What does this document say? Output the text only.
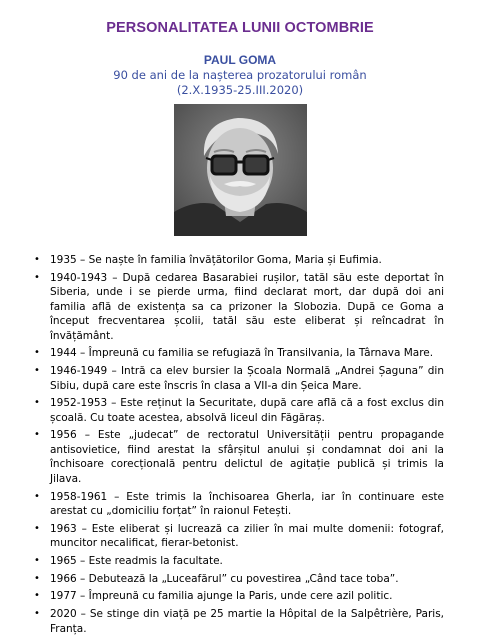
PERSONALITATEA LUNII OCTOMBRIE
PAUL GOMA
90 de ani de la nașterea prozatorului român
(2.X.1935-25.III.2020)
• 1935 – Se naște în familia învățătorilor Goma, Maria și Eufimia.
• 1940-1943 – După cedarea Basarabiei rușilor, tatăl său este deportat în Siberia, unde i se pierde urma, fiind declarat mort, dar după doi ani familia află de existența sa ca prizoner la Slobozia. După ce Goma a început frecventarea școlii, tatăl său este eliberat și reîncadrat în învățământ.
• 1944 – Împreună cu familia se refugiază în Transilvania, la Târnava Mare.
• 1946-1949 – Intră ca elev bursier la Școala Normală „Andrei Șaguna” din Sibiu, după care este înscris în clasa a VII-a din Șeica Mare.
• 1952-1953 – Este reținut la Securitate, după care află că a fost exclus din școală. Cu toate acestea, absolvă liceul din Făgăraș.
• 1956 – Este „judecat” de rectoratul Universității pentru propagande antisovietice, fiind arestat la sfârșitul anului și condamnat doi ani la închisoare corecțională pentru delictul de agitație publică și trimis la Jilava.
• 1958-1961 – Este trimis la închisoarea Gherla, iar în continuare este arestat cu „domiciliu forțat” în raionul Fetești.
• 1963 – Este eliberat și lucrează ca zilier în mai multe domenii: fotograf, muncitor necalificat, fierar-betonist.
• 1965 – Este readmis la facultate.
• 1966 – Debutează la „Luceafărul” cu povestirea „Când tace toba”.
• 1977 – Împreună cu familia ajunge la Paris, unde cere azil politic.
• 2020 – Se stinge din viață pe 25 martie la Hôpital de la Salpêtrière, Paris, Franța.
